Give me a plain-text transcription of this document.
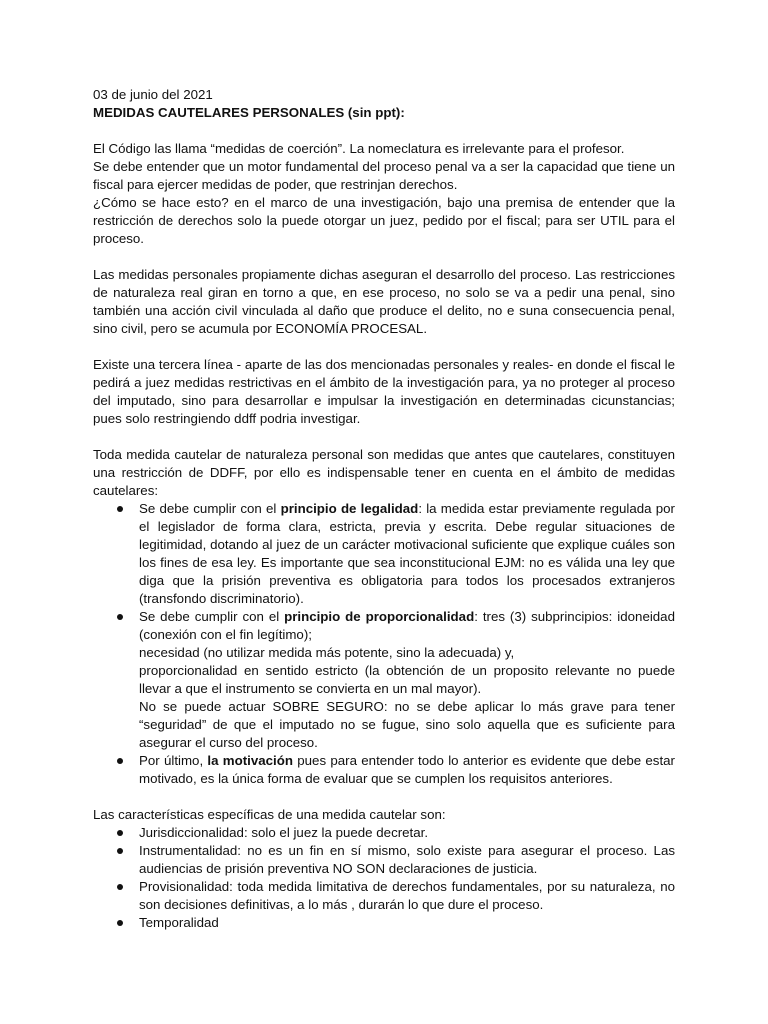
03 de junio del 2021

MEDIDAS CAUTELARES PERSONALES (sin ppt):

El Código las llama “medidas de coerción”. La nomeclatura es irrelevante para el profesor.

Se debe entender que un motor fundamental del proceso penal va a ser la capacidad que tiene un fiscal para ejercer medidas de poder, que restrinjan derechos.

¿Cómo se hace esto? en el marco de una investigación, bajo una premisa de entender que la restricción de derechos solo la puede otorgar un juez, pedido por el fiscal; para ser UTIL para el proceso.

Las medidas personales propiamente dichas aseguran el desarrollo del proceso. Las restricciones de naturaleza real giran en torno a que, en ese proceso, no solo se va a pedir una penal, sino también una acción civil vinculada al daño que produce el delito, no e suna consecuencia penal, sino civil, pero se acumula por ECONOMÍA PROCESAL.

Existe una tercera línea - aparte de las dos mencionadas personales y reales- en donde el fiscal le pedirá a juez medidas restrictivas en el ámbito de la investigación para, ya no proteger al proceso del imputado, sino para desarrollar e impulsar la investigación en determinadas cicunstancias; pues solo restringiendo ddff podria investigar.

Toda medida cautelar de naturaleza personal son medidas que antes que cautelares, constituyen una restricción de DDFF, por ello es indispensable tener en cuenta en el ámbito de medidas cautelares:

Se debe cumplir con el principio de legalidad: la medida estar previamente regulada por el legislador de forma clara, estricta, previa y escrita. Debe regular situaciones de legitimidad, dotando al juez de un carácter motivacional suficiente que explique cuáles son los fines de esa ley. Es importante que sea inconstitucional EJM: no es válida una ley que diga que la prisión preventiva es obligatoria para todos los procesados extranjeros (transfondo discriminatorio).
Se debe cumplir con el principio de proporcionalidad: tres (3) subprincipios: idoneidad (conexión con el fin legítimo);
necesidad (no utilizar medida más potente, sino la adecuada) y,
proporcionalidad en sentido estricto (la obtención de un proposito relevante no puede llevar a que el instrumento se convierta en un mal mayor).
No se puede actuar SOBRE SEGURO: no se debe aplicar lo más grave para tener “seguridad” de que el imputado no se fugue, sino solo aquella que es suficiente para asegurar el curso del proceso.
Por último, la motivación pues para entender todo lo anterior es evidente que debe estar motivado, es la única forma de evaluar que se cumplen los requisitos anteriores.

Las características específicas de una medida cautelar son:

Jurisdiccionalidad: solo el juez la puede decretar.
Instrumentalidad: no es un fin en sí mismo, solo existe para asegurar el proceso. Las audiencias de prisión preventiva NO SON declaraciones de justicia.
Provisionalidad: toda medida limitativa de derechos fundamentales, por su naturaleza, no son decisiones definitivas, a lo más , durarán lo que dure el proceso.
Temporalidad
